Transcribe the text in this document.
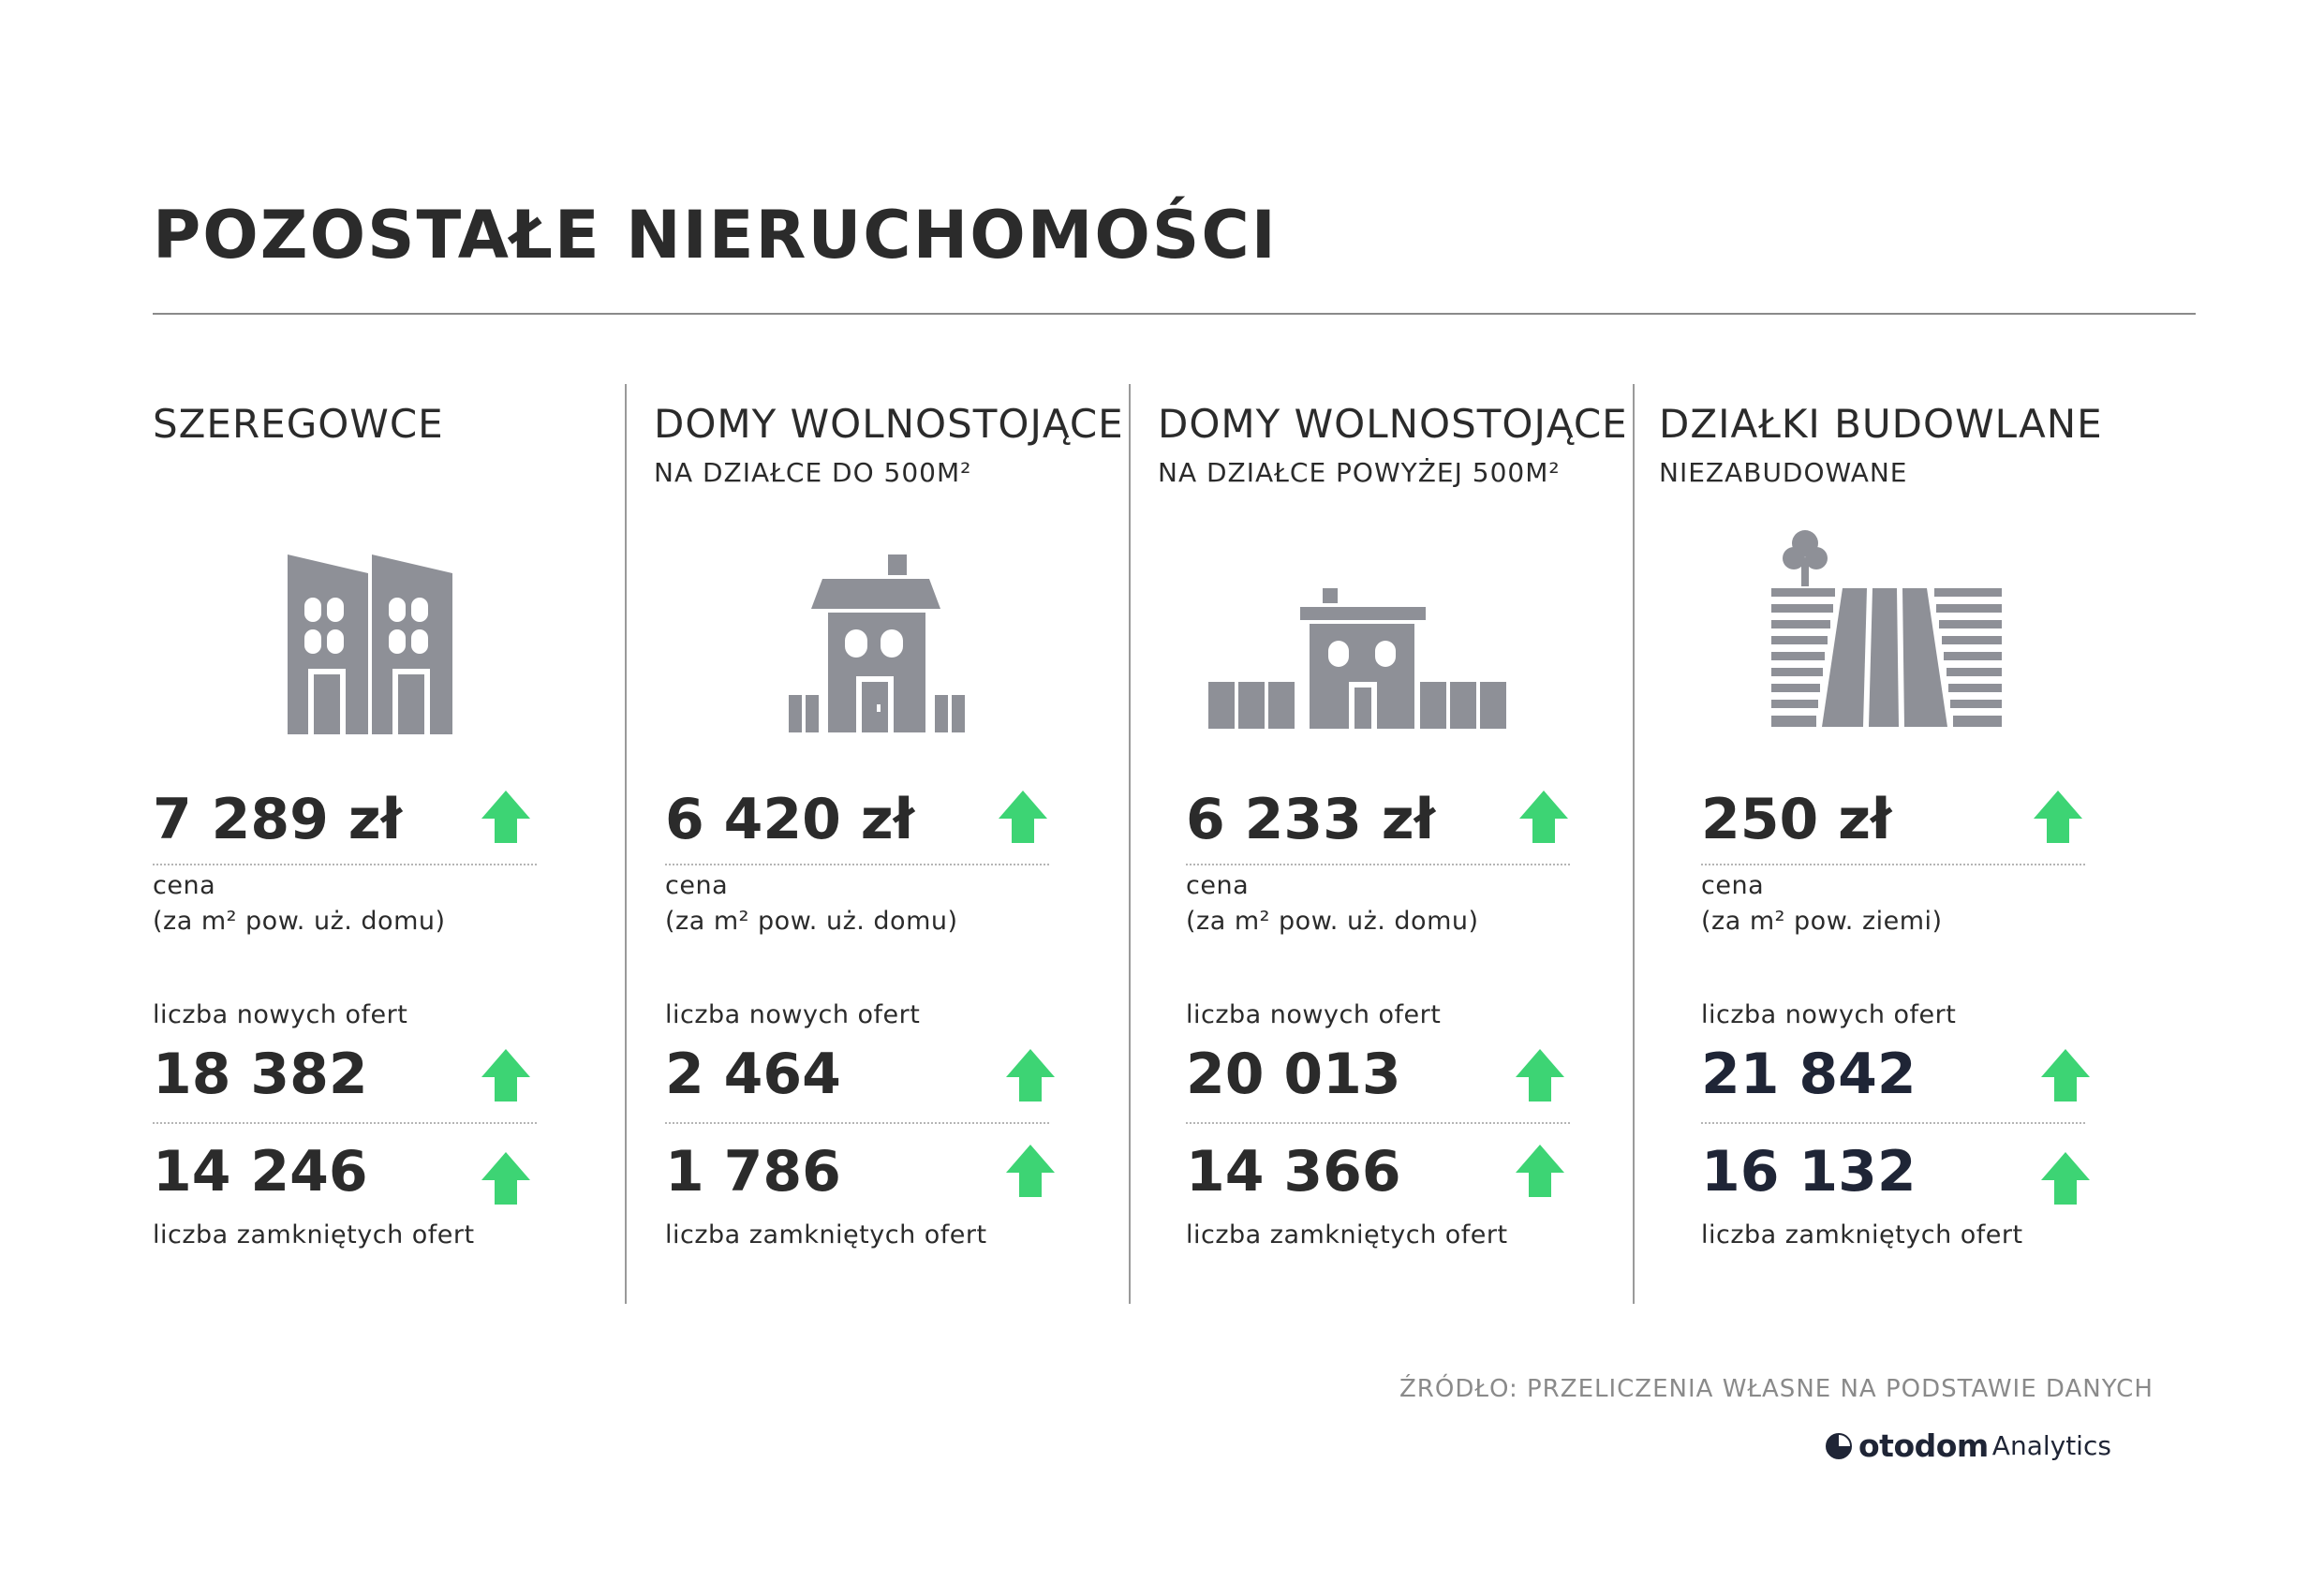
POZOSTAŁE NIERUCHOMOŚCI
SZEREGOWCE
7 289 zł
cena
(za m² pow. uż. domu)
liczba nowych ofert
18 382
14 246
liczba zamkniętych ofert
DOMY WOLNOSTOJĄCE
NA DZIAŁCE DO 500M²
6 420 zł
cena
(za m² pow. uż. domu)
liczba nowych ofert
2 464
1 786
liczba zamkniętych ofert
DOMY WOLNOSTOJĄCE
NA DZIAŁCE POWYŻEJ 500M²
6 233 zł
cena
(za m² pow. uż. domu)
liczba nowych ofert
20 013
14 366
liczba zamkniętych ofert
DZIAŁKI BUDOWLANE
NIEZABUDOWANE
250 zł
cena
(za m² pow. ziemi)
liczba nowych ofert
21 842
16 132
liczba zamkniętych ofert
ŹRÓDŁO: PRZELICZENIA WŁASNE NA PODSTAWIE DANYCH
otodom Analytics
